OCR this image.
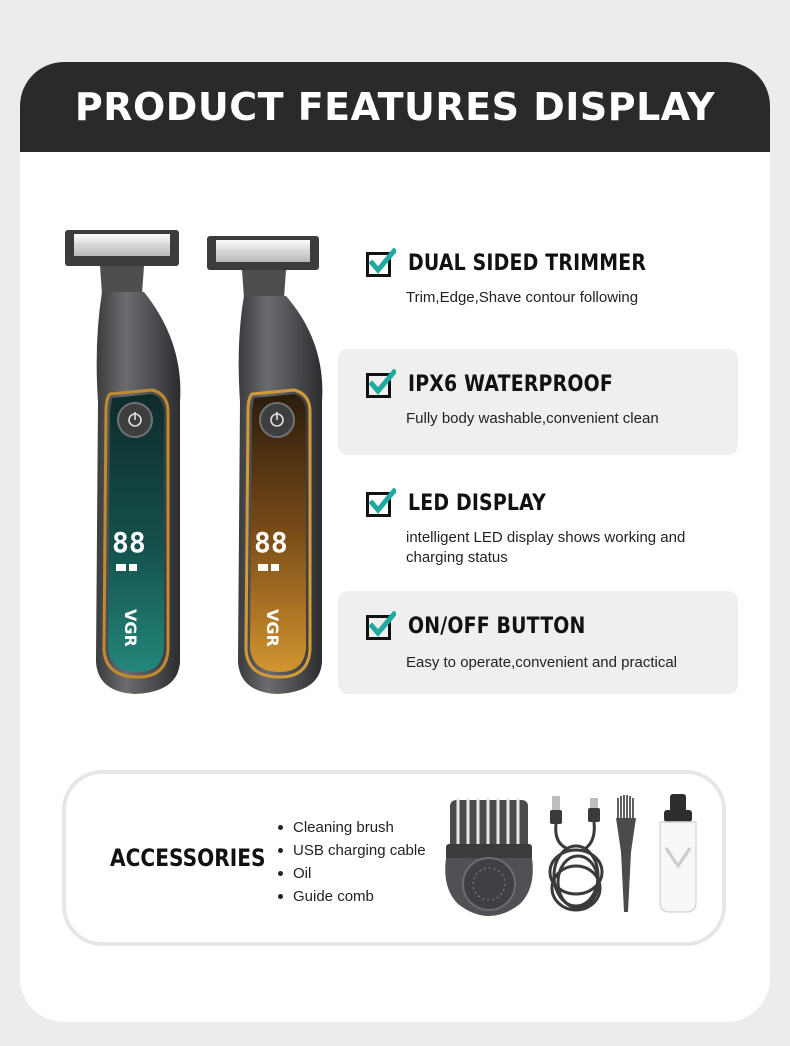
PRODUCT FEATURES DISPLAY
88
VGR
88
VGR
DUAL SIDED TRIMMER
Trim,Edge,Shave contour following
IPX6 WATERPROOF
Fully body washable,convenient clean
LED DISPLAY
intelligent LED display shows working and charging status
ON/OFF BUTTON
Easy to operate,convenient and practical
ACCESSORIES
Cleaning brush
USB charging cable
Oil
Guide comb
